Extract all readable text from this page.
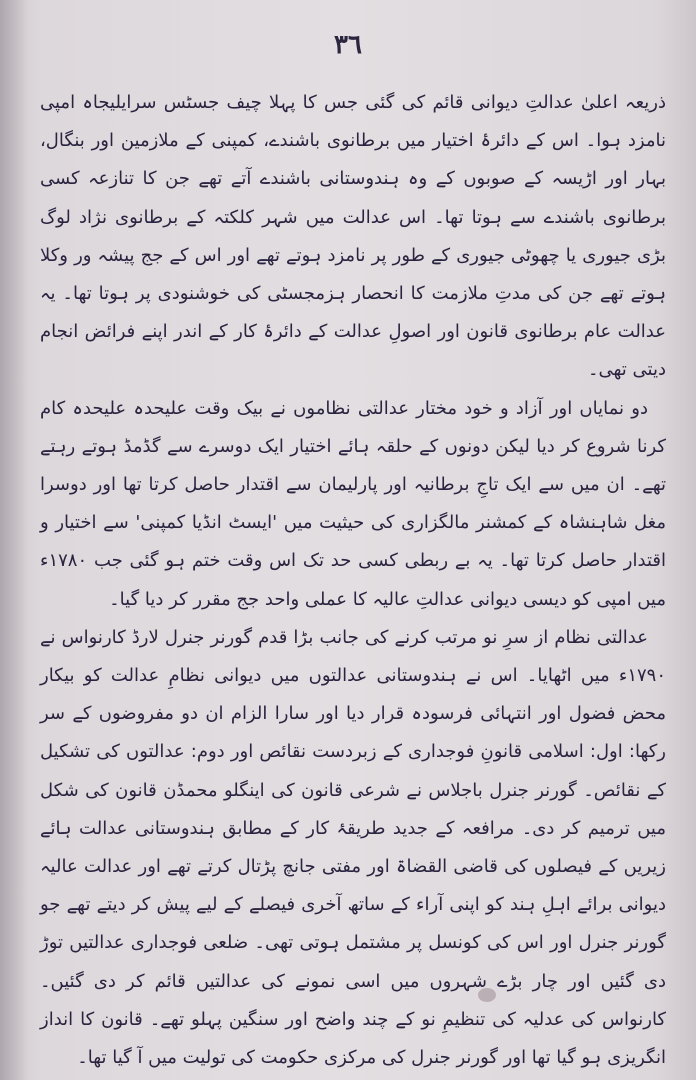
٣٦

ذریعہ اعلیٰ عدالتِ دیوانی قائم کی گئی جس کا پہلا چیف جسٹس سرایلیجاہ امپی نامزد ہوا۔ اس کے دائرۂ اختیار میں برطانوی باشندے، کمپنی کے ملازمین اور بنگال، بہار اور اڑیسہ کے صوبوں کے وہ ہندوستانی باشندے آتے تھے جن کا تنازعہ کسی برطانوی باشندے سے ہوتا تھا۔ اس عدالت میں شہر کلکتہ کے برطانوی نژاد لوگ بڑی جیوری یا چھوٹی جیوری کے طور پر نامزد ہوتے تھے اور اس کے جج پیشہ ور وکلا ہوتے تھے جن کی مدتِ ملازمت کا انحصار ہزمجسٹی کی خوشنودی پر ہوتا تھا۔ یہ عدالت عام برطانوی قانون اور اصولِ عدالت کے دائرۂ کار کے اندر اپنے فرائض انجام دیتی تھی۔

دو نمایاں اور آزاد و خود مختار عدالتی نظاموں نے بیک وقت علیحدہ علیحدہ کام کرنا شروع کر دیا لیکن دونوں کے حلقہ ہائے اختیار ایک دوسرے سے گڈمڈ ہوتے رہتے تھے۔ ان میں سے ایک تاجِ برطانیہ اور پارلیمان سے اقتدار حاصل کرتا تھا اور دوسرا مغل شاہنشاہ کے کمشنر مالگزاری کی حیثیت میں 'ایسٹ انڈیا کمپنی' سے اختیار و اقتدار حاصل کرتا تھا۔ یہ بے ربطی کسی حد تک اس وقت ختم ہو گئی جب ۱۷۸۰ء میں امپی کو دیسی دیوانی عدالتِ عالیہ کا عملی واحد جج مقرر کر دیا گیا۔

عدالتی نظام از سرِ نو مرتب کرنے کی جانب بڑا قدم گورنر جنرل لارڈ کارنواس نے ۱۷۹۰ء میں اٹھایا۔ اس نے ہندوستانی عدالتوں میں دیوانی نظامِ عدالت کو بیکار محض فضول اور انتہائی فرسودہ قرار دیا اور سارا الزام ان دو مفروضوں کے سر رکھا: اول: اسلامی قانونِ فوجداری کے زبردست نقائص اور دوم: عدالتوں کی تشکیل کے نقائص۔ گورنر جنرل باجلاس نے شرعی قانون کی اینگلو محمڈن قانون کی شکل میں ترمیم کر دی۔ مرافعہ کے جدید طریقۂ کار کے مطابق ہندوستانی عدالت ہائے زیریں کے فیصلوں کی قاضی القضاۃ اور مفتی جانچ پڑتال کرتے تھے اور عدالت عالیہ دیوانی برائے اہلِ ہند کو اپنی آراء کے ساتھ آخری فیصلے کے لیے پیش کر دیتے تھے جو گورنر جنرل اور اس کی کونسل پر مشتمل ہوتی تھی۔ ضلعی فوجداری عدالتیں توڑ دی گئیں اور چار بڑے شہروں میں اسی نمونے کی عدالتیں قائم کر دی گئیں۔ کارنواس کی عدلیہ کی تنظیمِ نو کے چند واضح اور سنگین پہلو تھے۔ قانون کا انداز انگریزی ہو گیا تھا اور گورنر جنرل کی مرکزی حکومت کی تولیت میں آ گیا تھا۔
